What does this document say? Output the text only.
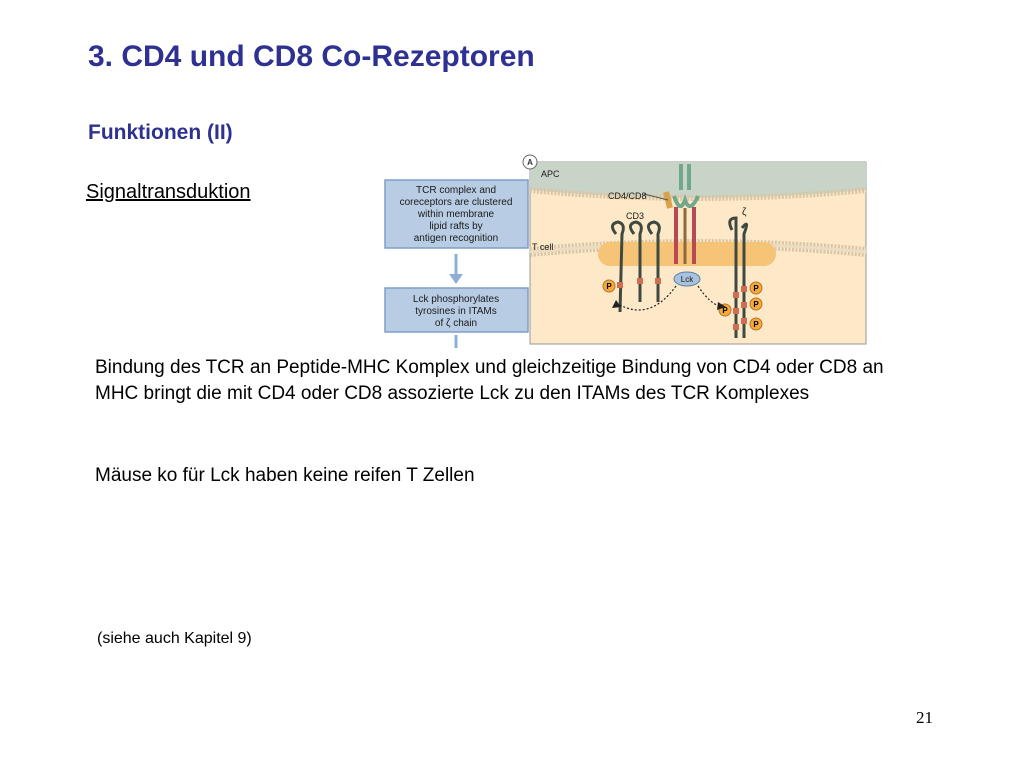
3. CD4 und CD8 Co-Rezeptoren
Funktionen (II)
Signaltransduktion	TCR complex and
coreceptors are clustered
within membrane
lipid rafts by
antigen recognition
Lck phosphorylates
tyrosines in ITAMs
of ζ chain
Lck
P
P
P
P
P
A
APC
T cell
CD4/CD8
CD3	ζ

Bindung des TCR an Peptide-MHC Komplex und gleichzeitige Bindung von CD4 oder CD8 an MHC bringt die mit CD4 oder CD8 assozierte Lck zu den ITAMs des TCR Komplexes

Mäuse ko für Lck haben keine reifen T Zellen

(siehe auch Kapitel 9)

21
